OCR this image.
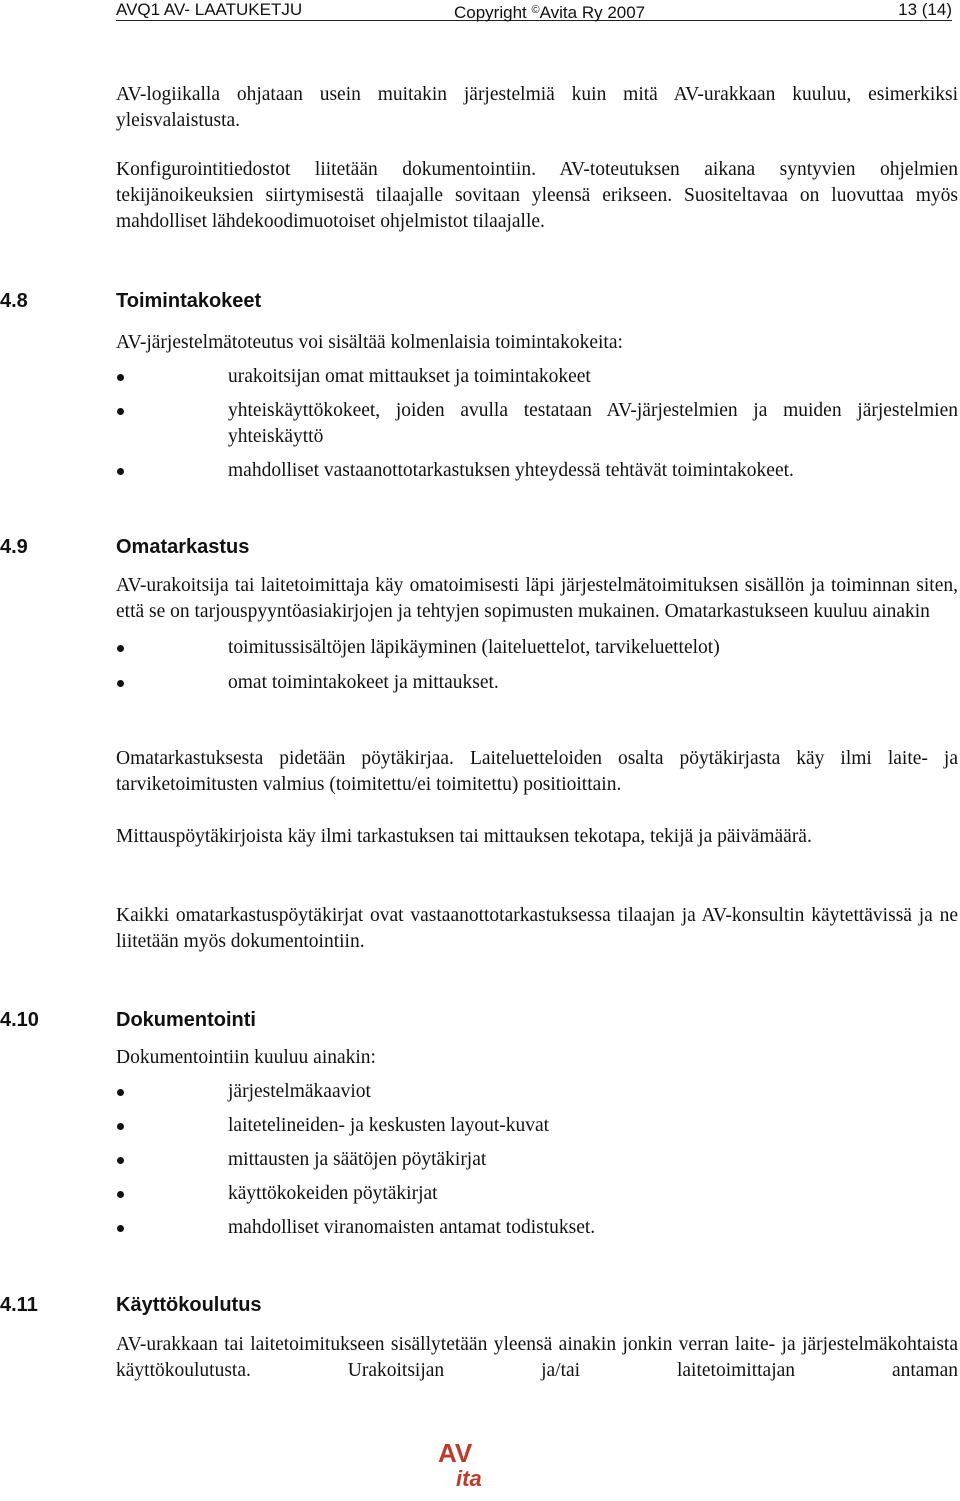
AVQ1 AV- LAATUKETJU	Copyright ©Avita Ry 2007	13 (14)

AV-logiikalla ohjataan usein muitakin järjestelmiä kuin mitä AV-urakkaan kuuluu, esimerkiksi yleisvalaistusta.

Konfigurointitiedostot liitetään dokumentointiin. AV-toteutuksen aikana syntyvien ohjelmien tekijänoikeuksien siirtymisestä tilaajalle sovitaan yleensä erikseen. Suositeltavaa on luovuttaa myös mahdolliset lähdekoodimuotoiset ohjelmistot tilaajalle.

4.8	Toimintakokeet

AV-järjestelmätoteutus voi sisältää kolmenlaisia toimintakokeita:

urakoitsijan omat mittaukset ja toimintakokeet
yhteiskäyttökokeet, joiden avulla testataan AV-järjestelmien ja muiden järjestelmien yhteiskäyttö
mahdolliset vastaanottotarkastuksen yhteydessä tehtävät toimintakokeet.
4.9	Omatarkastus

AV-urakoitsija tai laitetoimittaja käy omatoimisesti läpi järjestelmätoimituksen sisällön ja toiminnan siten, että se on tarjouspyyntöasiakirjojen ja tehtyjen sopimusten mukainen. Omatarkastukseen kuuluu ainakin

toimitussisältöjen läpikäyminen (laiteluettelot, tarvikeluettelot)
omat toimintakokeet ja mittaukset.

Omatarkastuksesta pidetään pöytäkirjaa. Laiteluetteloiden osalta pöytäkirjasta käy ilmi laite- ja tarviketoimitusten valmius (toimitettu/ei toimitettu) positioittain.

Mittauspöytäkirjoista käy ilmi tarkastuksen tai mittauksen tekotapa, tekijä ja päivämäärä.

Kaikki omatarkastuspöytäkirjat ovat vastaanottotarkastuksessa tilaajan ja AV-konsultin käytettävissä ja ne liitetään myös dokumentointiin.

4.10	Dokumentointi

Dokumentointiin kuuluu ainakin:

järjestelmäkaaviot
laitetelineiden- ja keskusten layout-kuvat
mittausten ja säätöjen pöytäkirjat
käyttökokeiden pöytäkirjat
mahdolliset viranomaisten antamat todistukset.
4.11	Käyttökoulutus

AV-urakkaan tai laitetoimitukseen sisällytetään yleensä ainakin jonkin verran laite- ja järjestelmäkohtaista käyttökoulutusta. Urakoitsijan ja/tai laitetoimittajan antaman

AV
ita
